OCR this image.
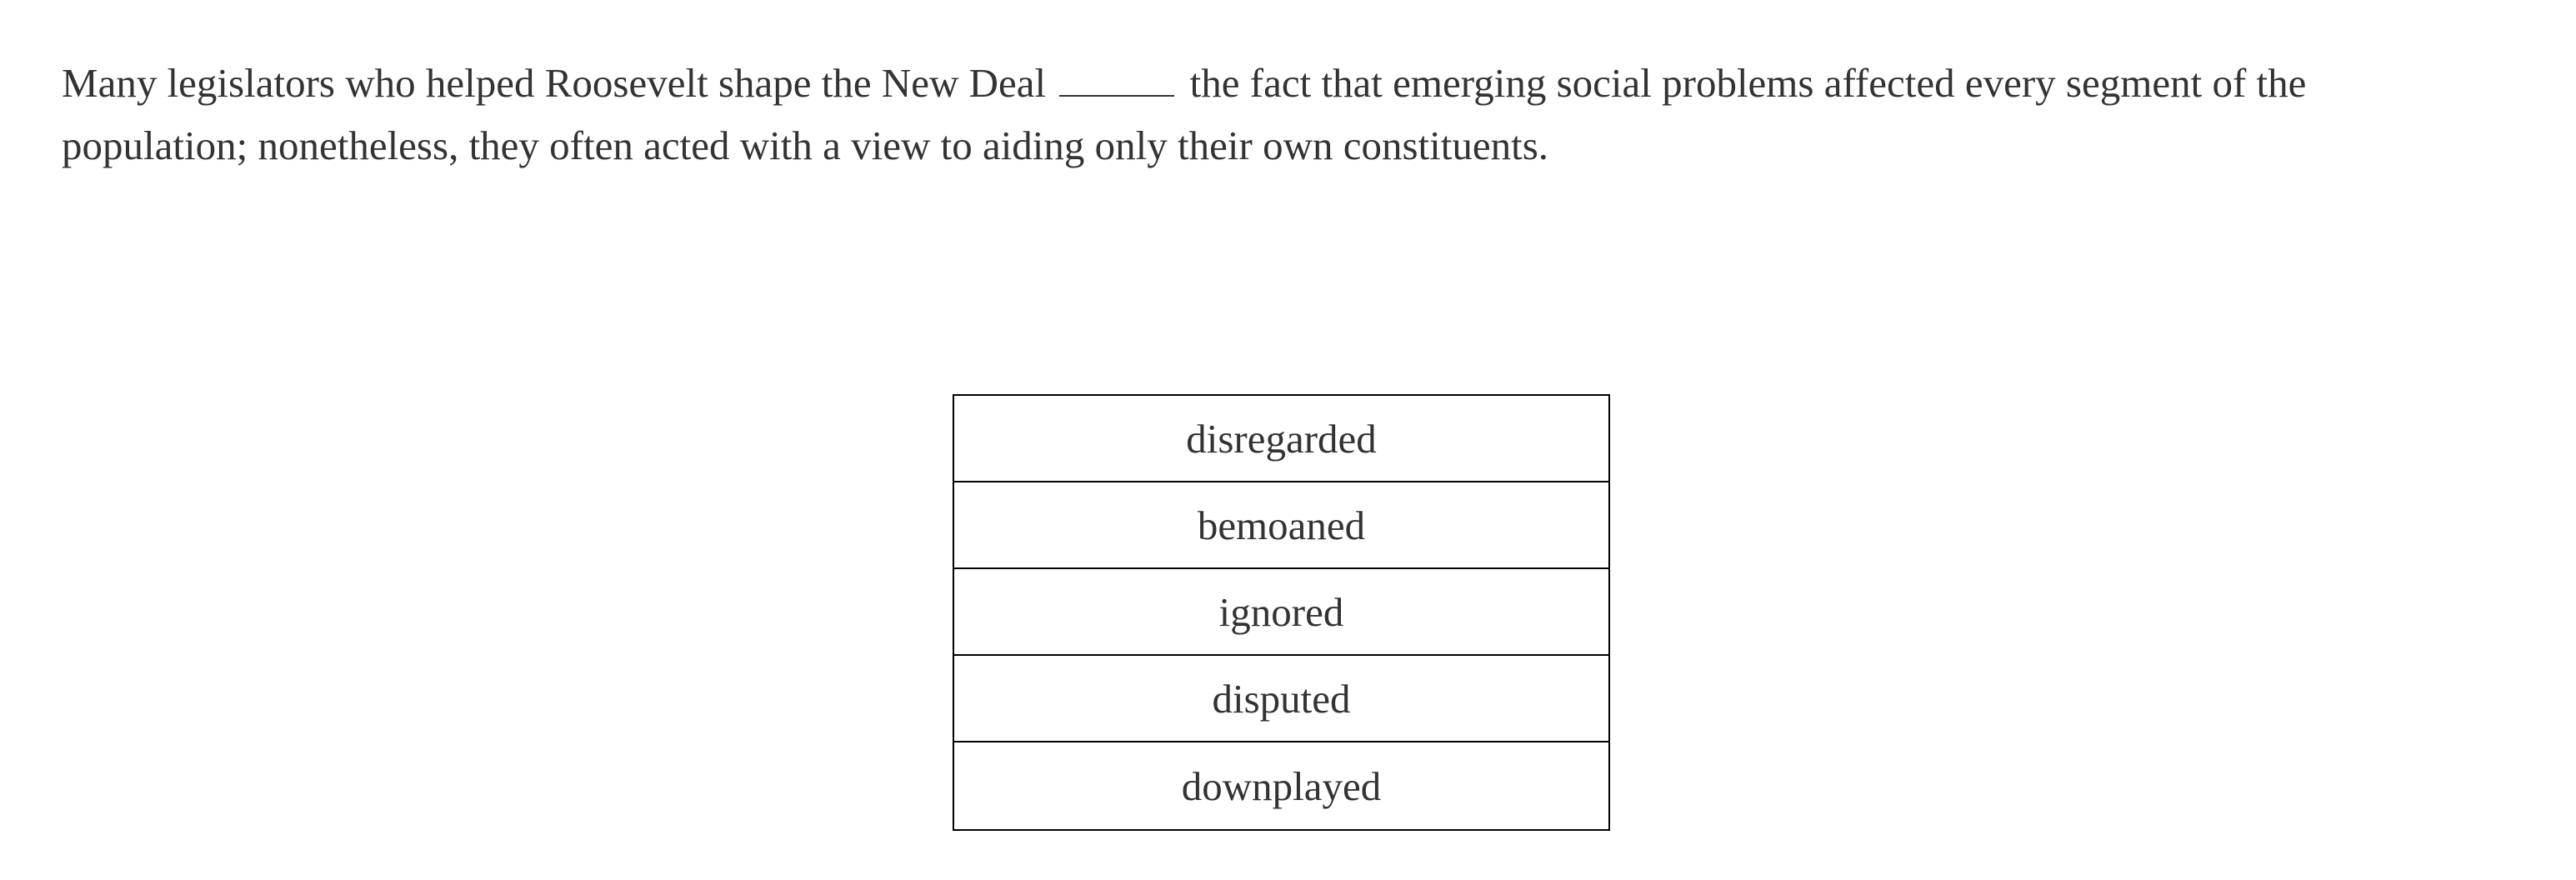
Many legislators who helped Roosevelt shape the New Deal	the fact that emerging social problems affected every segment of the population; nonetheless, they often acted with a view to aiding only their own constituents.

disregarded
bemoaned
ignored
disputed
downplayed
